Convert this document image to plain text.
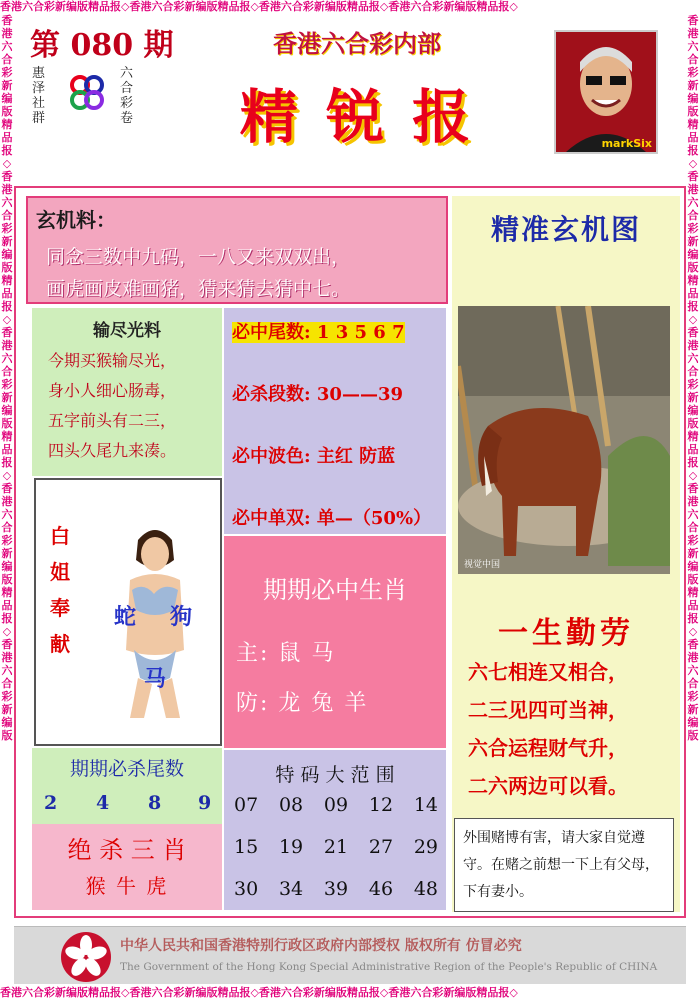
香港六合彩新编版精品报◇香港六合彩新编版精品报◇香港六合彩新编版精品报◇香港六合彩新编版精品报◇
香港六合彩新编版精品报◇香港六合彩新编版精品报◇香港六合彩新编版精品报◇香港六合彩新编版精品报◇
香港六合彩新编版精品报◇香港六合彩新编版精品报◇香港六合彩新编版精品报◇香港六合彩新编版精品报◇香港六合彩新编版
香港六合彩新编版精品报◇香港六合彩新编版精品报◇香港六合彩新编版精品报◇香港六合彩新编版精品报◇香港六合彩新编版
第 080 期
惠泽社群
六合彩卷
香港六合彩内部
精 锐 报	markSix
玄机料：
同念三数中九码，一八又来双双出，
画虎画皮难画猪，猜来猜去猜中七。
输尽光料
今期买猴输尽光，
身小人细心肠毒，
五字前头有二三，
四头久尾九来凑。
必中尾数: 1 3 5 6 7
必杀段数: 30——39
必中波色: 主红 防蓝
必中单双: 单—（50%）
白
姐
奉
献
蛇 狗
马
期期必中生肖
主: 鼠 马
防: 龙 兔 羊
期期必杀尾数
2 4 8 9
绝 杀 三 肖
猴 牛 虎
特 码 大 范 围
07 08 09 12 14
15 19 21 27 29
30 34 39 46 48
精准玄机图
视觉中国
一生勤劳
六七相连又相合，
二三见四可当神，
六合运程财气升，
二六两边可以看。
外围赌博有害，请大家自觉遵守。在赌之前想一下上有父母，下有妻小。
中华人民共和国香港特别行政区政府内部授权 版权所有 仿冒必究
The Government of the Hong Kong Special Administrative Region of the People's Republic of CHINA
